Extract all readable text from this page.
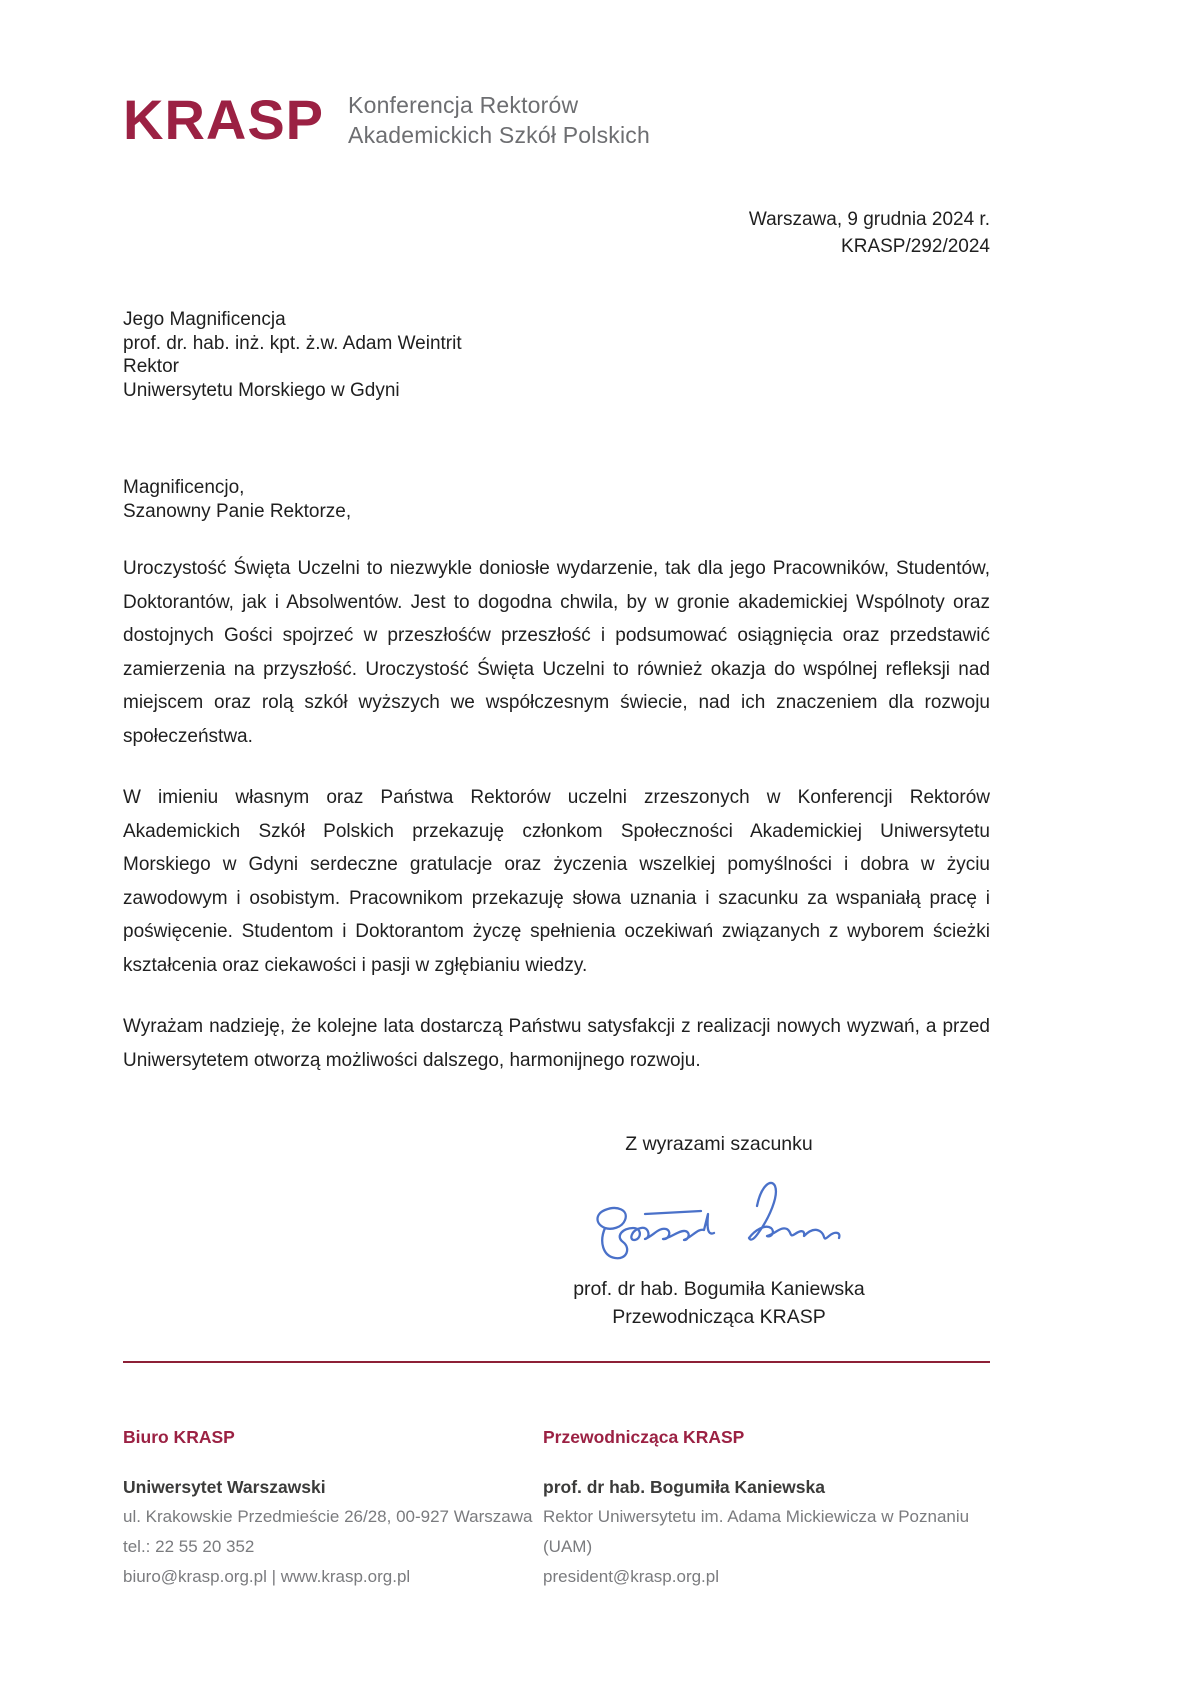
KRASP Konferencja Rektorów
Akademickich Szkół Polskich
Warszawa, 9 grudnia 2024 r.
KRASP/292/2024
Jego Magnificencja
prof. dr. hab. inż. kpt. ż.w. Adam Weintrit
Rektor
Uniwersytetu Morskiego w Gdyni
Magnificencjo,
Szanowny Panie Rektorze,

Uroczystość Święta Uczelni to niezwykle doniosłe wydarzenie, tak dla jego Pracowników, Studentów, Doktorantów, jak i Absolwentów. Jest to dogodna chwila, by w gronie akademickiej Wspólnoty oraz dostojnych Gości spojrzeć w przeszłośćw przeszłość i podsumować osiągnięcia oraz przedstawić zamierzenia na przyszłość. Uroczystość Święta Uczelni to również okazja do wspólnej refleksji nad miejscem oraz rolą szkół wyższych we współczesnym świecie, nad ich znaczeniem dla rozwoju społeczeństwa.

W imieniu własnym oraz Państwa Rektorów uczelni zrzeszonych w Konferencji Rektorów Akademickich Szkół Polskich przekazuję członkom Społeczności Akademickiej Uniwersytetu Morskiego w Gdyni serdeczne gratulacje oraz życzenia wszelkiej pomyślności i dobra w życiu zawodowym i osobistym. Pracownikom przekazuję słowa uznania i szacunku za wspaniałą pracę i poświęcenie. Studentom i Doktorantom życzę spełnienia oczekiwań związanych z wyborem ścieżki kształcenia oraz ciekawości i pasji w zgłębianiu wiedzy.

Wyrażam nadzieję, że kolejne lata dostarczą Państwu satysfakcji z realizacji nowych wyzwań, a przed Uniwersytetem otworzą możliwości dalszego, harmonijnego rozwoju.

Z wyrazami szacunku
prof. dr hab. Bogumiła Kaniewska
Przewodnicząca KRASP
Biuro KRASP
Uniwersytet Warszawski
ul. Krakowskie Przedmieście 26/28, 00-927 Warszawa
tel.: 22 55 20 352
biuro@krasp.org.pl | www.krasp.org.pl
Przewodnicząca KRASP
prof. dr hab. Bogumiła Kaniewska
Rektor Uniwersytetu im. Adama Mickiewicza w Poznaniu (UAM)
president@krasp.org.pl
